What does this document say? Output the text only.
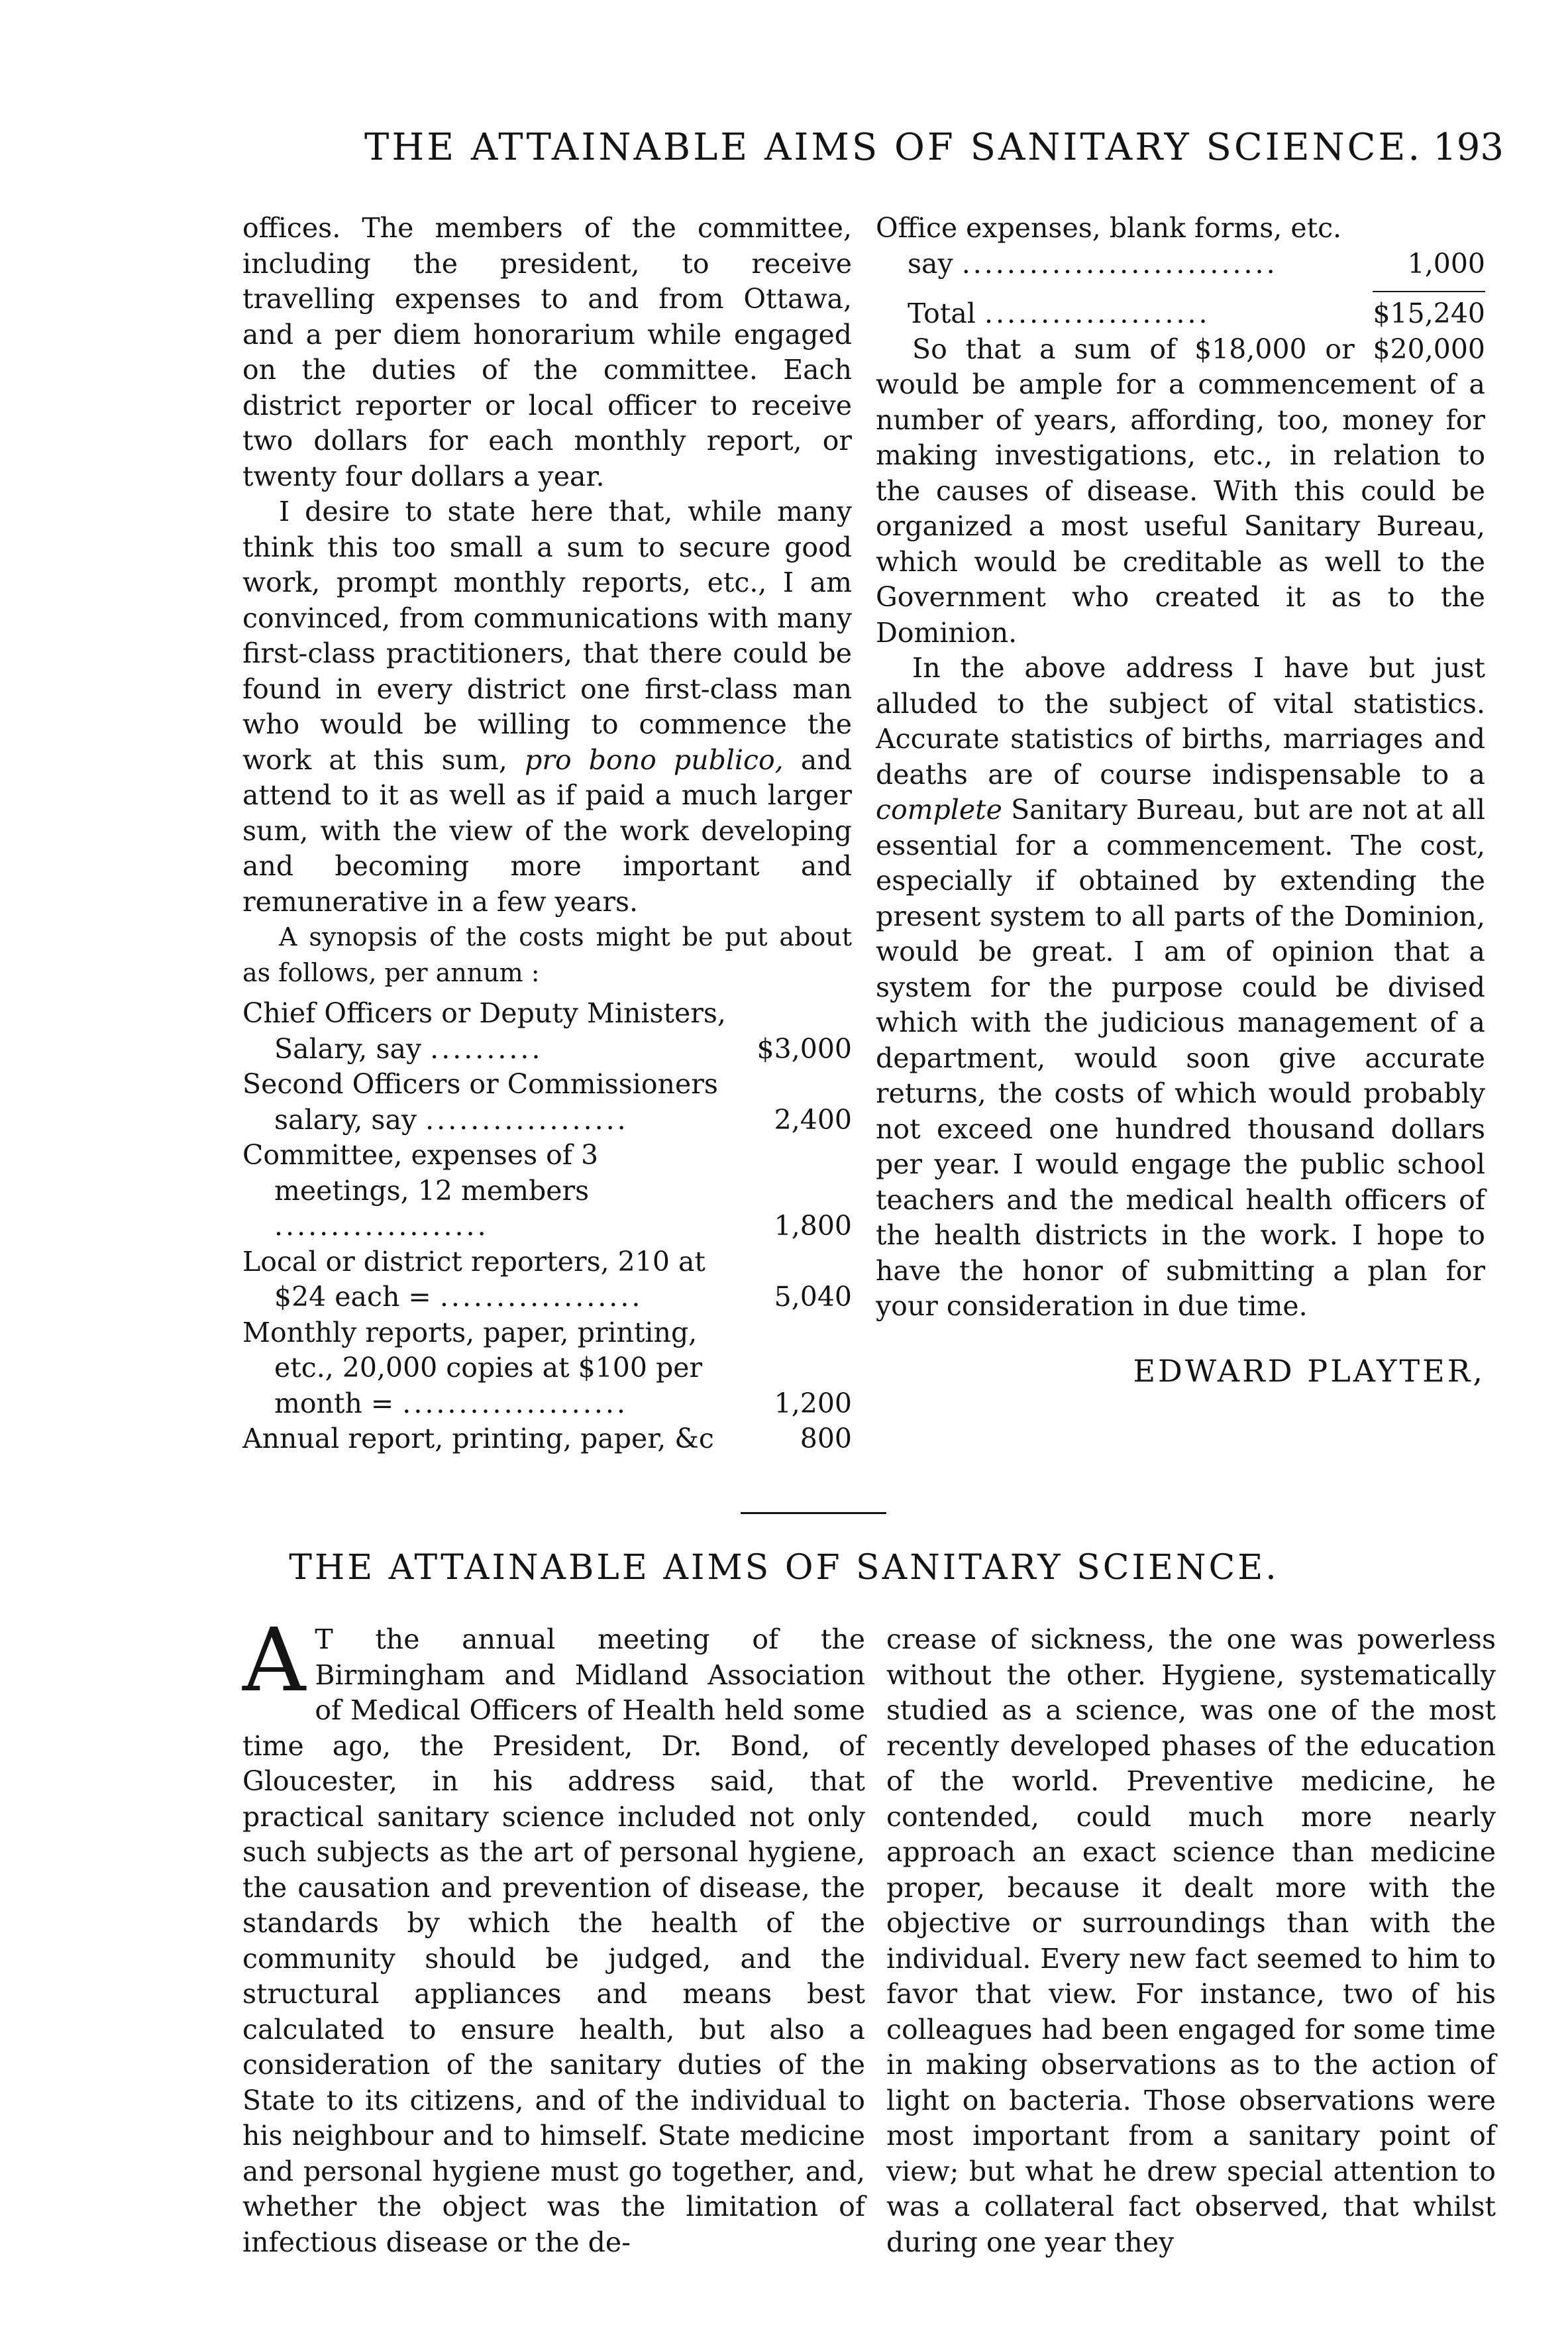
THE ATTAINABLE AIMS OF SANITARY SCIENCE. 193

offices. The members of the committee, including the president, to receive travelling expenses to and from Ottawa, and a per diem honorarium while engaged on the duties of the committee. Each district reporter or local officer to receive two dollars for each monthly report, or twenty four dollars a year.

I desire to state here that, while many think this too small a sum to secure good work, prompt monthly reports, etc., I am convinced, from communications with many first-class practitioners, that there could be found in every district one first-class man who would be willing to commence the work at this sum, pro bono publico, and attend to it as well as if paid a much larger sum, with the view of the work developing and becoming more important and remunerative in a few years.

A synopsis of the costs might be put about as follows, per annum :

Chief Officers or Deputy Ministers, Salary, say ..........	$3,000
Second Officers or Commissioners salary, say ..................	2,400
Committee, expenses of 3 meetings, 12 members ...................	1,800
Local or district reporters, 210 at $24 each = ..................	5,040
Monthly reports, paper, printing, etc., 20,000 copies at $100 per month = ....................	1,200
Annual report, printing, paper, &c	800
Office expenses, blank forms, etc. say ............................	1,000
Total ....................	$15,240

So that a sum of $18,000 or $20,000 would be ample for a commencement of a number of years, affording, too, money for making investigations, etc., in relation to the causes of disease. With this could be organized a most useful Sanitary Bureau, which would be creditable as well to the Government who created it as to the Dominion.

In the above address I have but just alluded to the subject of vital statistics. Accurate statistics of births, marriages and deaths are of course indispensable to a complete Sanitary Bureau, but are not at all essential for a commencement. The cost, especially if obtained by extending the present system to all parts of the Dominion, would be great. I am of opinion that a system for the purpose could be divised which with the judicious management of a department, would soon give accurate returns, the costs of which would probably not exceed one hundred thousand dollars per year. I would engage the public school teachers and the medical health officers of the health districts in the work. I hope to have the honor of submitting a plan for your consideration in due time.

EDWARD PLAYTER,
THE ATTAINABLE AIMS OF SANITARY SCIENCE.

A T the annual meeting of the Birmingham and Midland Association of Medical Officers of Health held some time ago, the President, Dr. Bond, of Gloucester, in his address said, that practical sanitary science included not only such subjects as the art of personal hygiene, the causation and prevention of disease, the standards by which the health of the community should be judged, and the structural appliances and means best calculated to ensure health, but also a consideration of the sanitary duties of the State to its citizens, and of the individual to his neighbour and to himself. State medicine and personal hygiene must go together, and, whether the object was the limitation of infectious disease or the de-

crease of sickness, the one was powerless without the other. Hygiene, systematically studied as a science, was one of the most recently developed phases of the education of the world. Preventive medicine, he contended, could much more nearly approach an exact science than medicine proper, because it dealt more with the objective or surroundings than with the individual. Every new fact seemed to him to favor that view. For instance, two of his colleagues had been engaged for some time in making observations as to the action of light on bacteria. Those observations were most important from a sanitary point of view; but what he drew special attention to was a collateral fact observed, that whilst during one year they
